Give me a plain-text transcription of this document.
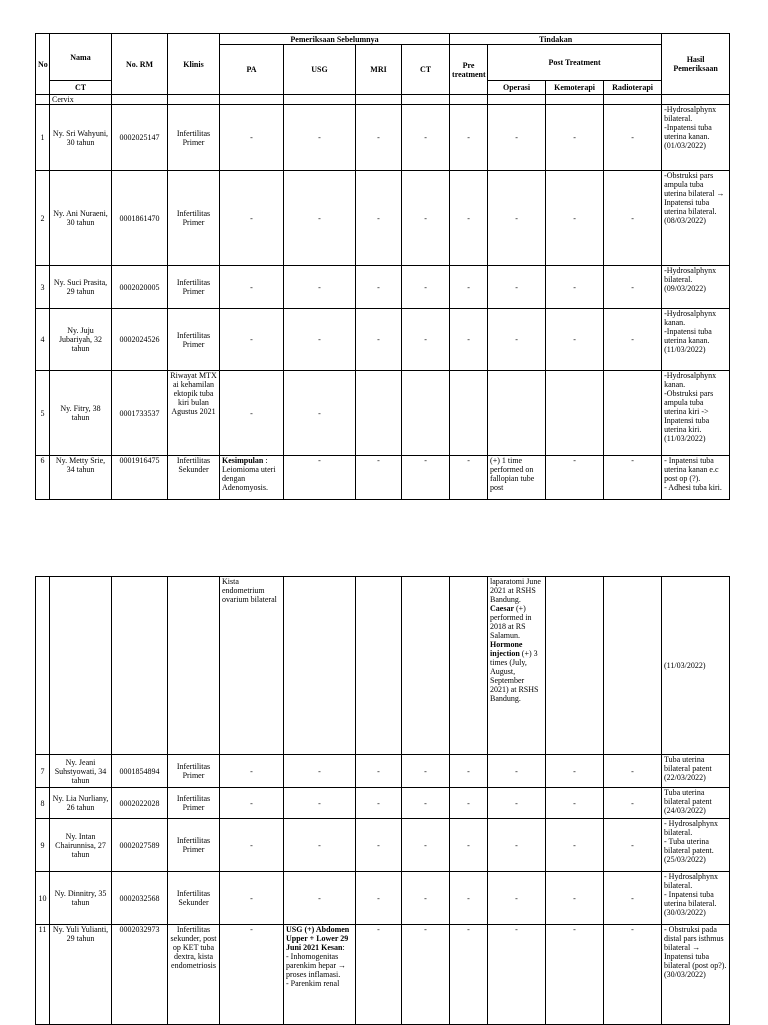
No	Nama	No. RM	Klinis	Pemeriksaan Sebelumnya				Tindakan				Hasil Pemeriksaan
				PA	USG	MRI	CT	Pre treatment	Post Treatment			
	CT								Operasi	Kemoterapi	Radioterapi	
	Cervix											
1	Ny. Sri Wahyuni, 30 tahun	0002025147	Infertilitas Primer	-	-	-	-	-	-	-	-	-Hydrosalphynx bilateral.
-Inpatensi tuba uterina kanan.
(01/03/2022)
2	Ny. Ani Nuraeni, 30 tahun	0001861470	Infertilitas Primer	-	-	-	-	-	-	-	-	-Obstruksi pars ampula tuba uterina bilateral →
Inpatensi tuba uterina bilateral.
(08/03/2022)
3	Ny. Suci Prasita, 29 tahun	0002020005	Infertilitas Primer	-	-	-	-	-	-	-	-	-Hydrosalphynx bilateral.
(09/03/2022)
4	Ny. Juju Jubariyah, 32 tahun	0002024526	Infertilitas Primer	-	-	-	-	-	-	-	-	-Hydrosalphynx kanan.
-Inpatensi tuba uterina kanan.
(11/03/2022)
5	Ny. Fitry, 38 tahun	0001733537	Riwayat MTX ai kehamilan ektopik tuba kiri bulan Agustus 2021	-	-							-Hydrosalphynx kanan.
-Obstruksi pars ampula tuba uterina kiri -> Inpatensi tuba uterina kiri.
(11/03/2022)
6	Ny. Metty Srie, 34 tahun	0001916475	Infertilitas Sekunder	Kesimpulan : Leiomioma uteri dengan Adenomyosis.	-	-	-	-	(+) 1 time performed on fallopian tube post	-	-	- Inpatensi tuba uterina kanan e.c post op (?).
- Adhesi tuba kiri.
				Kista endometrium ovarium bilateral					laparatomi June 2021 at RSHS Bandung. Caesar (+) performed in 2018 at RS Salamun. Hormone injection (+) 3 times (July, August, September 2021) at RSHS Bandung.			(11/03/2022)
7	Ny. Jeani Suhstyowati, 34 tahun	0001854894	Infertilitas Primer	-	-	-	-	-	-	-	-	Tuba uterina bilateral patent (22/03/2022)
8	Ny. Lia Nurliany, 26 tahun	0002022028	Infertilitas Primer	-	-	-	-	-	-	-	-	Tuba uterina bilateral patent (24/03/2022)
9	Ny. Intan Chairunnisa, 27 tahun	0002027589	Infertilitas Primer	-	-	-	-	-	-	-	-	- Hydrosalphynx bilateral.
- Tuba uterina bilateral patent.
(25/03/2022)
10	Ny. Dinnitry, 35 tahun	0002032568	Infertilitas Sekunder	-	-	-	-	-	-	-	-	- Hydrosalphynx bilateral.
- Inpatensi tuba uterina bilateral.
(30/03/2022)
11	Ny. Yuli Yulianti, 29 tahun	0002032973	Infertilitas sekunder, post op KET tuba dextra, kista endometriosis	-	USG (+) Abdomen Upper + Lower 29 Juni 2021 Kesan:
- Inhomogenitas parenkim hepar → proses inflamasi.
- Parenkim renal	-	-	-	-	-	-	- Obstruksi pada distal pars isthmus bilateral →
Inpatensi tuba bilateral (post op?).
(30/03/2022)
